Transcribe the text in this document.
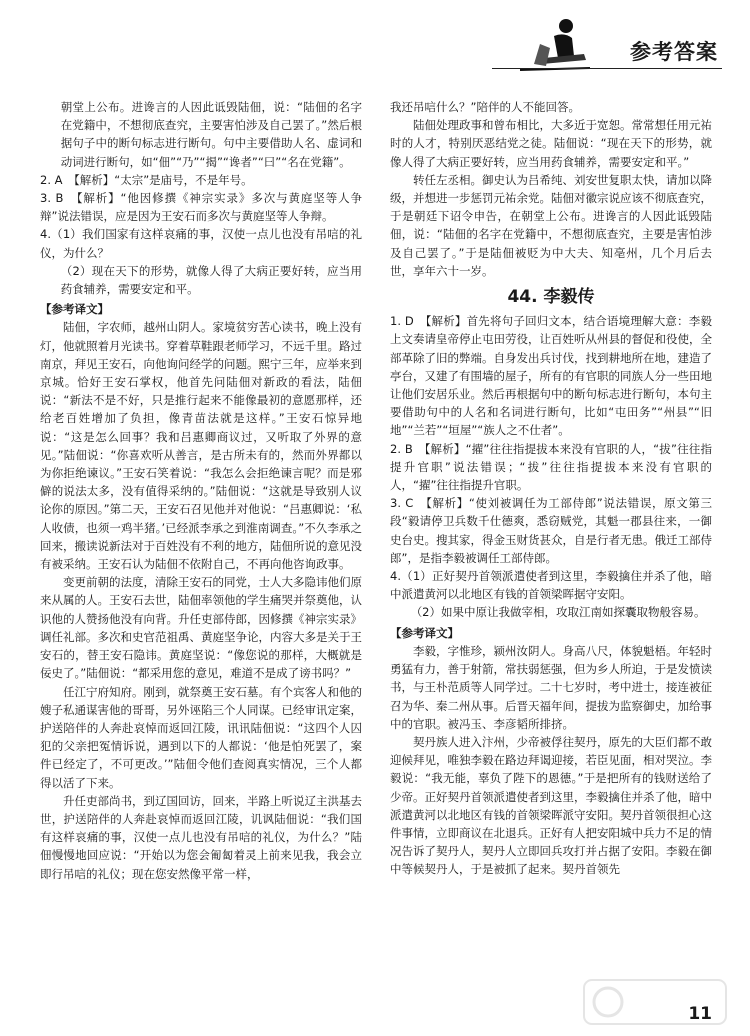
参考答案

朝堂上公布。进谗言的人因此诋毁陆佃，说：“陆佃的名字在党籍中，不想彻底查究，主要害怕涉及自己罢了。”然后根据句子中的断句标志进行断句。句中主要借助人名、虚词和动词进行断句，如“佃”“乃”“揭”“谗者”“曰”“名在党籍”。

2. A　【解析】“太宗”是庙号，不是年号。

3. B　【解析】“他因修撰《神宗实录》多次与黄庭坚等人争辩”说法错误，应是因为王安石而多次与黄庭坚等人争辩。

4.（1）我们国家有这样哀痛的事，汉使一点儿也没有吊唁的礼仪，为什么？

（2）现在天下的形势，就像人得了大病正要好转，应当用药食辅养，需要安定和平。

【参考译文】

陆佃，字农师，越州山阴人。家境贫穷苦心读书，晚上没有灯，他就照着月光读书。穿着草鞋跟老师学习，不远千里。路过南京，拜见王安石，向他询问经学的问题。熙宁三年，应举来到京城。恰好王安石掌权，他首先问陆佃对新政的看法，陆佃说：“新法不是不好，只是推行起来不能像最初的意愿那样，还给老百姓增加了负担，像青苗法就是这样。”王安石惊异地说：“这是怎么回事？我和吕惠卿商议过，又听取了外界的意见。”陆佃说：“你喜欢听从善言，是古所未有的，然而外界都以为你拒绝谏议。”王安石笑着说：“我怎么会拒绝谏言呢？而是邪僻的说法太多，没有值得采纳的。”陆佃说：“这就是导致别人议论你的原因。”第二天，王安石召见他并对他说：“吕惠卿说：‘私人收债，也须一鸡半猪。’已经派李承之到淮南调查。”不久李承之回来，搬读说新法对于百姓没有不利的地方，陆佃所说的意见没有被采纳。王安石认为陆佃不依附自己，不再向他咨询政事。

变更前朝的法度，清除王安石的同党，士人大多隐讳他们原来从属的人。王安石去世，陆佃率领他的学生痛哭并祭奠他，认识他的人赞扬他没有向背。升任吏部侍郎，因修撰《神宗实录》调任礼部。多次和史官范祖禹、黄庭坚争论，内容大多是关于王安石的，替王安石隐讳。黄庭坚说：“像您说的那样，大概就是佞史了。”陆佃说：“都采用您的意见，难道不是成了谤书吗？”

任江宁府知府。刚到，就祭奠王安石墓。有个宾客人和他的嫂子私通谋害他的哥哥，另外诬陷三个人同谋。已经审讯定案，护送陪伴的人奔赴哀悼而返回江陵，讯讯陆佃说：“这四个人囚犯的父亲把冤情诉说，遇到以下的人都说：‘他是怕死罢了，案件已经定了，不可更改。’”陆佃令他们查阅真实情况，三个人都得以活了下来。

升任吏部尚书，到辽国回访，回来，半路上听说辽主洪基去世，护送陪伴的人奔赴哀悼而返回江陵，讥讽陆佃说：“我们国有这样哀痛的事，汉使一点儿也没有吊唁的礼仪，为什么？”陆佃慢慢地回应说：“开始以为您会匍匐着灵上前来见我，我会立即行吊唁的礼仪；现在您安然像平常一样，

我还吊唁什么？”陪伴的人不能回答。

陆佃处理政事和曾布相比，大多近于宽恕。常常想任用元祐时的人才，特别厌恶结党之徒。陆佃说：“现在天下的形势，就像人得了大病正要好转，应当用药食辅养，需要安定和平。”

转任左丞相。御史认为吕希纯、刘安世复职太快，请加以降级，并想进一步惩罚元祐余党。陆佃对徽宗说应该不彻底查究，于是朝廷下诏令申告，在朝堂上公布。进谗言的人因此诋毁陆佃，说：“陆佃的名字在党籍中，不想彻底查究，主要是害怕涉及自己罢了。”于是陆佃被贬为中大夫、知亳州，几个月后去世，享年六十一岁。

44. 李毅传

1. D　【解析】首先将句子回归文本，结合语境理解大意：李毅上文奏请皇帝停止屯田劳役，让百姓听从州县的督促和役使，全部革除了旧的弊端。自身发出兵讨伐，找到耕地所在地，建造了亭台，又建了有围墙的屋子，所有的有官职的同族人分一些田地让他们安居乐业。然后再根据句中的断句标志进行断句，本句主要借助句中的人名和名词进行断句，比如“屯田务”“州县”“旧地”“兰若”“垣屋”“族人之不仕者”。

2. B　【解析】“擢”往往指提拔本来没有官职的人，“拔”往往指提升官职”说法错误；“拔”往往指提拔本来没有官职的人，“擢”往往指提升官职。

3. C　【解析】“使刘被调任为工部侍郎”说法错误，原文第三段“毅请停卫兵数千仕德爽，悉窃贼党，其魁一郡县往来，一御史台史。搜其家，得金玉财货甚众，自是行者无患。俄迁工部侍郎”，是指李毅被调任工部侍郎。

4.（1）正好契丹首领派遣使者到这里，李毅擒住并杀了他，暗中派遣黄河以北地区有钱的首领梁晖据守安阳。

（2）如果中原让我做宰相，攻取江南如探囊取物般容易。

【参考译文】

李毅，字惟珍，颍州汝阴人。身高八尺，体貌魁梧。年轻时勇猛有力，善于射箭，常扶弱惩强，但为乡人所迫，于是发愤读书，与王朴范质等人同学过。二十七岁时，考中进士，接连被征召为华、秦二州从事。后晋天福年间，提拔为监察御史，加给事中的官职。被冯玉、李彦韬所排挤。

契丹族人进入汴州，少帝被俘往契丹，原先的大臣们都不敢迎候拜见，唯独李毅在路边拜谒迎接，若臣见面，相对哭泣。李毅说：“我无能，辜负了陛下的恩德。”于是把所有的钱财送给了少帝。正好契丹首领派遣使者到这里，李毅擒住并杀了他，暗中派遣黄河以北地区有钱的首领梁晖派守安阳。契丹首领很担心这件事情，立即商议在北退兵。正好有人把安阳城中兵力不足的情况告诉了契丹人，契丹人立即回兵攻打并占据了安阳。李毅在御中等候契丹人，于是被抓了起来。契丹首领先

11
